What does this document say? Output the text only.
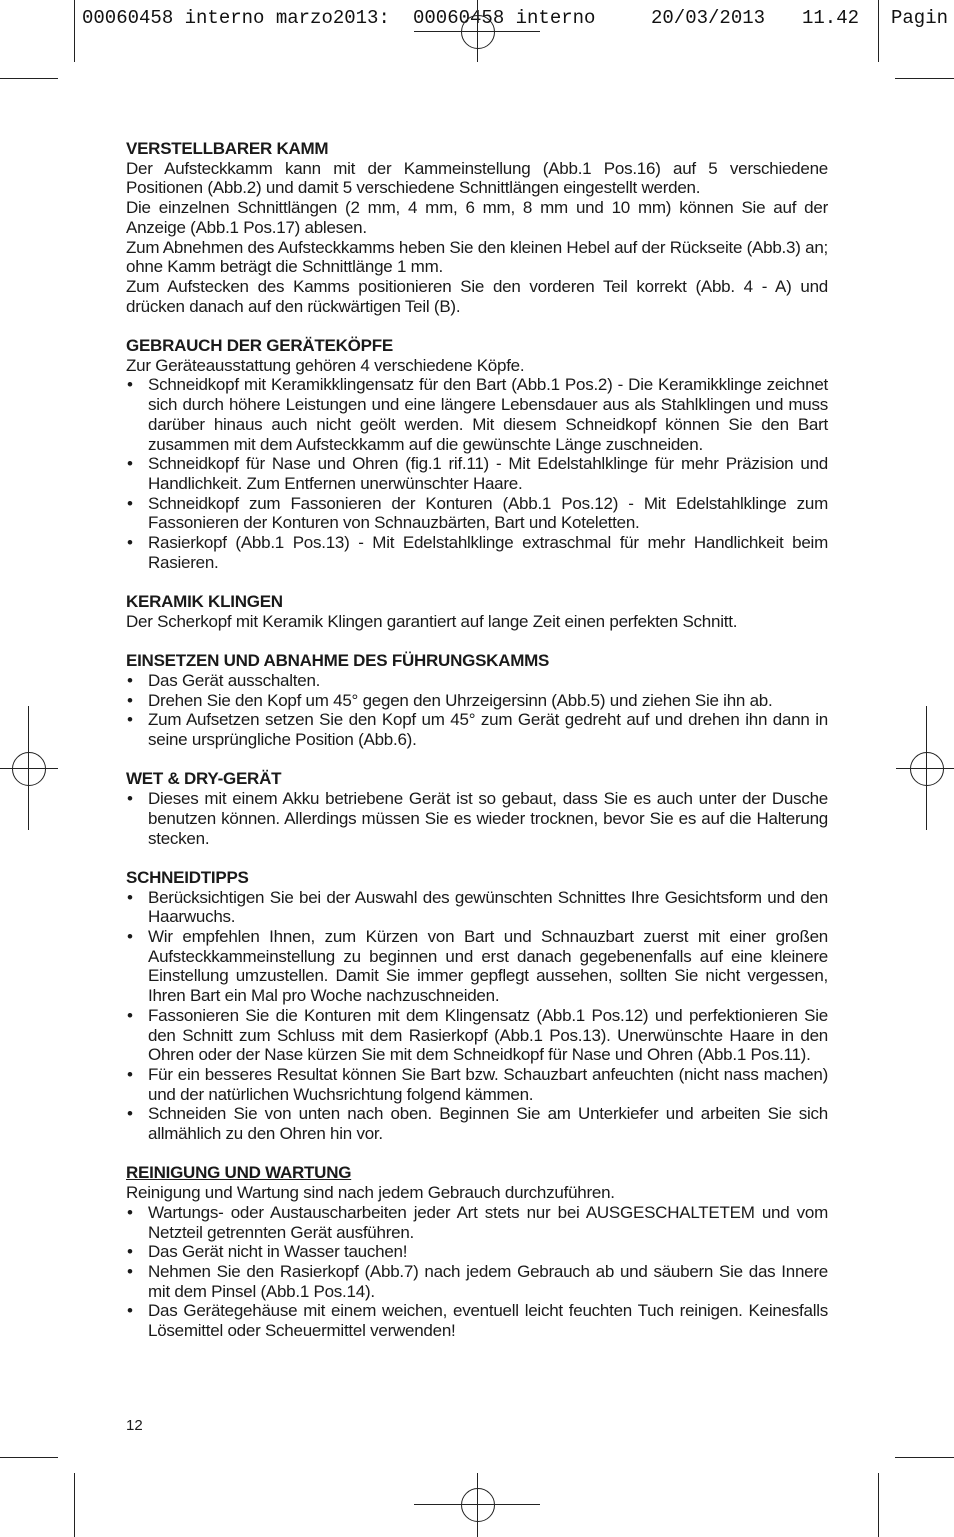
00060458 interno marzo2013:

00060458 interno

	20/03/2013

11.42

Pagin

VERSTELLBARER KAMM

Der Aufsteckkamm kann mit der Kammeinstellung (Abb.1 Pos.16) auf 5 verschiedene Positionen (Abb.2) und damit 5 verschiedene Schnittlängen eingestellt werden.

Die einzelnen Schnittlängen (2 mm, 4 mm, 6 mm, 8 mm und 10 mm) können Sie auf der Anzeige (Abb.1 Pos.17) ablesen.

Zum Abnehmen des Aufsteckkamms heben Sie den kleinen Hebel auf der Rückseite (Abb.3) an; ohne Kamm beträgt die Schnittlänge 1 mm.

Zum Aufstecken des Kamms positionieren Sie den vorderen Teil korrekt (Abb. 4 - A) und drücken danach auf den rückwärtigen Teil (B).

GEBRAUCH DER GERÄTEKÖPFE

Zur Geräteausstattung gehören 4 verschiedene Köpfe.

• Schneidkopf mit Keramikklingensatz für den Bart (Abb.1 Pos.2) - Die Keramikklinge zeichnet sich durch höhere Leistungen und eine längere Lebensdauer aus als Stahlklingen und muss darüber hinaus auch nicht geölt werden. Mit diesem Schneidkopf können Sie den Bart zusammen mit dem Aufsteckkamm auf die gewünschte Länge zuschneiden.
• Schneidkopf für Nase und Ohren (fig.1 rif.11) - Mit Edelstahlklinge für mehr Präzision und Handlichkeit. Zum Entfernen unerwünschter Haare.
• Schneidkopf zum Fassonieren der Konturen (Abb.1 Pos.12) - Mit Edelstahlklinge zum Fassonieren der Konturen von Schnauzbärten, Bart und Koteletten.
• Rasierkopf (Abb.1 Pos.13) - Mit Edelstahlklinge extraschmal für mehr Handlichkeit beim Rasieren.
KERAMIK KLINGEN

Der Scherkopf mit Keramik Klingen garantiert auf lange Zeit einen perfekten Schnitt.

EINSETZEN UND ABNAHME DES FÜHRUNGSKAMMS
• Das Gerät ausschalten.
• Drehen Sie den Kopf um 45° gegen den Uhrzeigersinn (Abb.5) und ziehen Sie ihn ab.
• Zum Aufsetzen setzen Sie den Kopf um 45° zum Gerät gedreht auf und drehen ihn dann in seine ursprüngliche Position (Abb.6).
WET & DRY-GERÄT
• Dieses mit einem Akku betriebene Gerät ist so gebaut, dass Sie es auch unter der Dusche benutzen können. Allerdings müssen Sie es wieder trocknen, bevor Sie es auf die Halterung stecken.
SCHNEIDTIPPS
• Berücksichtigen Sie bei der Auswahl des gewünschten Schnittes Ihre Gesichtsform und den Haarwuchs.
• Wir empfehlen Ihnen, zum Kürzen von Bart und Schnauzbart zuerst mit einer großen Aufsteckkammeinstellung zu beginnen und erst danach gegebenenfalls auf eine kleinere Einstellung umzustellen. Damit Sie immer gepflegt aussehen, sollten Sie nicht vergessen, Ihren Bart ein Mal pro Woche nachzuschneiden.
• Fassonieren Sie die Konturen mit dem Klingensatz (Abb.1 Pos.12) und perfektionieren Sie den Schnitt zum Schluss mit dem Rasierkopf (Abb.1 Pos.13). Unerwünschte Haare in den Ohren oder der Nase kürzen Sie mit dem Schneidkopf für Nase und Ohren (Abb.1 Pos.11).
• Für ein besseres Resultat können Sie Bart bzw. Schauzbart anfeuchten (nicht nass machen) und der natürlichen Wuchsrichtung folgend kämmen.
• Schneiden Sie von unten nach oben. Beginnen Sie am Unterkiefer und arbeiten Sie sich allmählich zu den Ohren hin vor.
REINIGUNG UND WARTUNG

Reinigung und Wartung sind nach jedem Gebrauch durchzuführen.

• Wartungs- oder Austauscharbeiten jeder Art stets nur bei AUSGESCHALTETEM und vom Netzteil getrennten Gerät ausführen.
• Das Gerät nicht in Wasser tauchen!
• Nehmen Sie den Rasierkopf (Abb.7) nach jedem Gebrauch ab und säubern Sie das Innere mit dem Pinsel (Abb.1 Pos.14).
• Das Gerätegehäuse mit einem weichen, eventuell leicht feuchten Tuch reinigen. Keinesfalls Lösemittel oder Scheuermittel verwenden!
12
